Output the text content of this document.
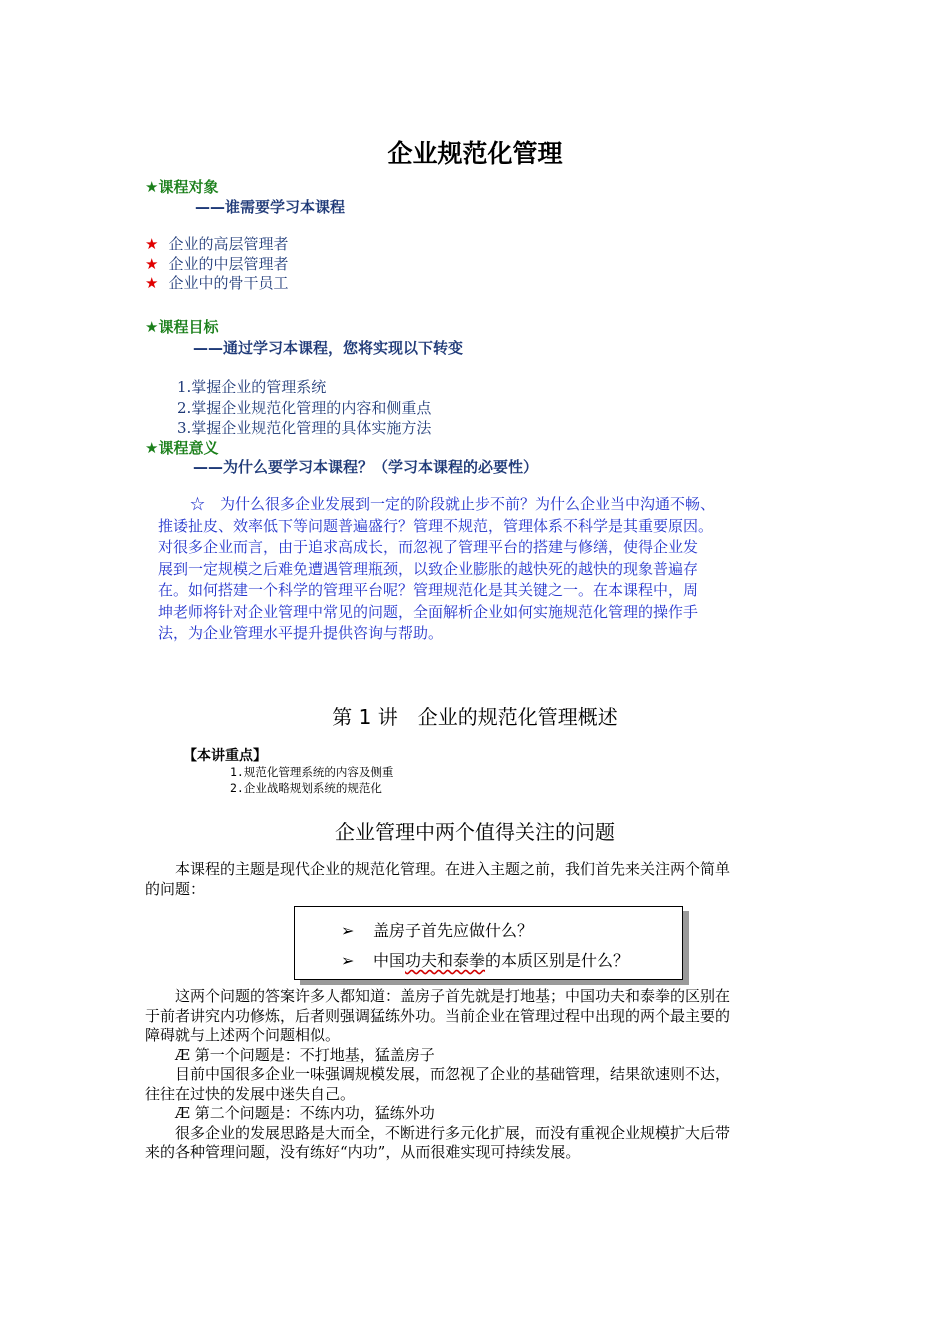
企业规范化管理
★课程对象
——谁需要学习本课程
★ 企业的高层管理者
★ 企业的中层管理者
★ 企业中的骨干员工
★课程目标
——通过学习本课程，您将实现以下转变
1.掌握企业的管理系统
2.掌握企业规范化管理的内容和侧重点
3.掌握企业规范化管理的具体实施方法
★课程意义
——为什么要学习本课程？（学习本课程的必要性）
☆　为什么很多企业发展到一定的阶段就止步不前？为什么企业当中沟通不畅、
推诿扯皮、效率低下等问题普遍盛行？管理不规范，管理体系不科学是其重要原因。
对很多企业而言，由于追求高成长，而忽视了管理平台的搭建与修缮，使得企业发
展到一定规模之后难免遭遇管理瓶颈，以致企业膨胀的越快死的越快的现象普遍存
在。如何搭建一个科学的管理平台呢？管理规范化是其关键之一。在本课程中，周
坤老师将针对企业管理中常见的问题，全面解析企业如何实施规范化管理的操作手
法，为企业管理水平提升提供咨询与帮助。
第 1 讲　企业的规范化管理概述
【本讲重点】
1.规范化管理系统的内容及侧重
2.企业战略规划系统的规范化
企业管理中两个值得关注的问题
　　本课程的主题是现代企业的规范化管理。在进入主题之前，我们首先来关注两个简单
的问题：
➢ 盖房子首先应做什么？
➢ 中国功夫和泰拳的本质区别是什么？
　　这两个问题的答案许多人都知道：盖房子首先就是打地基；中国功夫和泰拳的区别在
于前者讲究内功修炼，后者则强调猛练外功。当前企业在管理过程中出现的两个最主要的
障碍就与上述两个问题相似。
　　Æ 第一个问题是：不打地基，猛盖房子
　　目前中国很多企业一味强调规模发展，而忽视了企业的基础管理，结果欲速则不达，
往往在过快的发展中迷失自己。
　　Æ 第二个问题是：不练内功，猛练外功
　　很多企业的发展思路是大而全，不断进行多元化扩展，而没有重视企业规模扩大后带
来的各种管理问题，没有练好“内功”，从而很难实现可持续发展。
